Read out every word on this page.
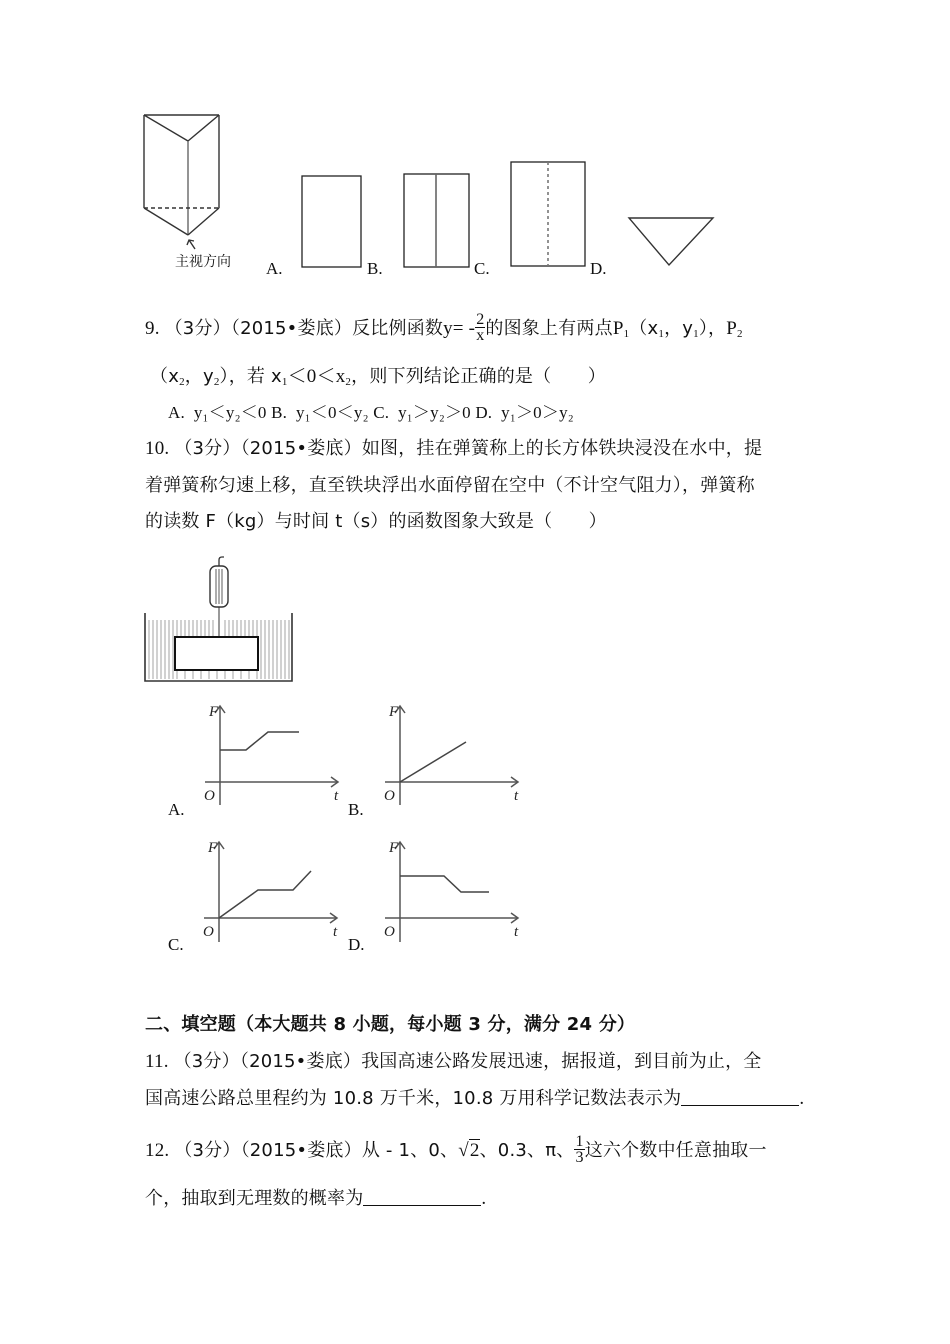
主视方向 A.	B.	C.	D.
9. （3分）（2015•娄底）反比例函数$y= - \frac{2}{x}$ 的图象上有两点$P_1(x_1$，$y_1$），$P_2$
（$x_2$，$y_2$），若 $x_1<0<x_2$，则下列结论正确的是（　　）
A. y₁＜y₂＜0 B. y₁＜0＜y₂ C. y₁＞y₂＞0 D. y₁＞0＞y₂
10. （3分）（2015•娄底）如图，挂在弹簧称上的长方体铁块浸没在水中，提
着弹簧称匀速上移，直至铁块浮出水面停留在空中（不计空气阻力），弹簧称
的读数 F（kg）与时间 t（s）的函数图象大致是（　　）
A.
F
t
O
B.
F
t
O
C.
F
t
O
D.
F
t
O
二、填空题（本大题共 8 小题，每小题 3 分，满分 24 分）
11. （3分）（2015•娄底）我国高速公路发展迅速，据报道，到目前为止，全
国高速公路总里程约为 10.8 万千米，10.8 万用科学记数法表示为	.
12. （3分）（2015•娄底）从 - 1、0、√2、0.3、π、 $\frac{1}{3}$ 这六个数中任意抽取一
个，抽取到无理数的概率为	.
